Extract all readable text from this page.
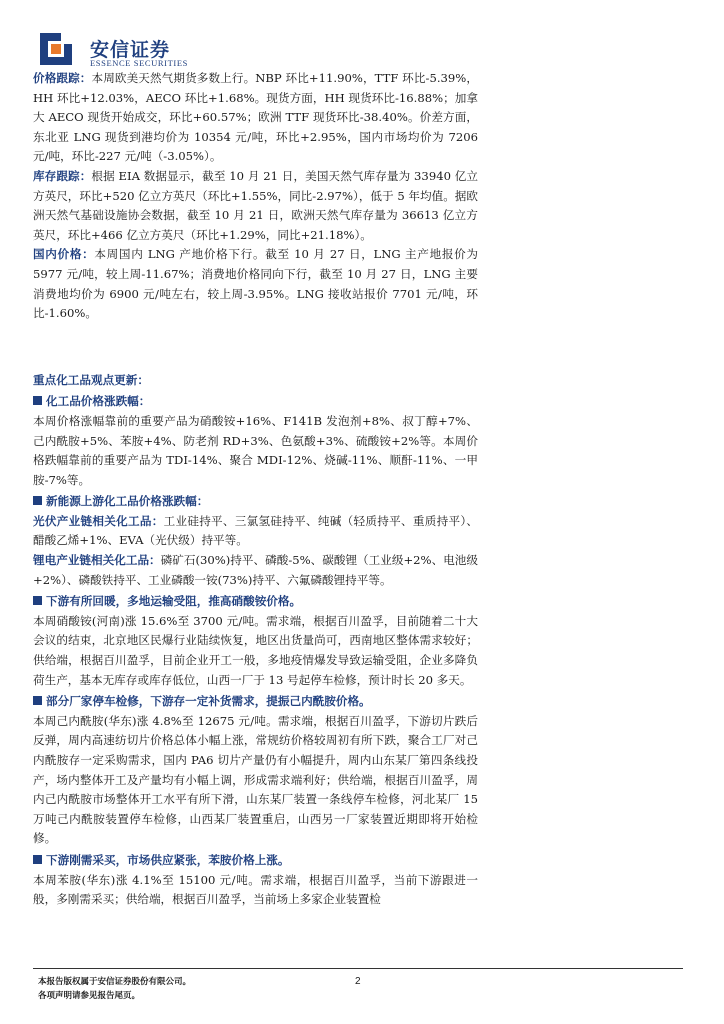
安信证券
ESSENCE SECURITIES

价格跟踪：本周欧美天然气期货多数上行。NBP 环比+11.90%，TTF 环比-5.39%，HH 环比+12.03%，AECO 环比+1.68%。现货方面，HH 现货环比-16.88%；加拿大 AECO 现货开始成交，环比+60.57%；欧洲 TTF 现货环比-38.40%。价差方面，东北亚 LNG 现货到港均价为 10354 元/吨，环比+2.95%，国内市场均价为 7206 元/吨，环比-227 元/吨（-3.05%）。

库存跟踪：根据 EIA 数据显示，截至 10 月 21 日，美国天然气库存量为 33940 亿立方英尺，环比+520 亿立方英尺（环比+1.55%，同比-2.97%），低于 5 年均值。据欧洲天然气基础设施协会数据，截至 10 月 21 日，欧洲天然气库存量为 36613 亿立方英尺，环比+466 亿立方英尺（环比+1.29%，同比+21.18%）。

国内价格：本周国内 LNG 产地价格下行。截至 10 月 27 日，LNG 主产地报价为 5977 元/吨，较上周-11.67%；消费地价格同向下行，截至 10 月 27 日，LNG 主要消费地均价为 6900 元/吨左右，较上周-3.95%。LNG 接收站报价 7701 元/吨，环比-1.60%。

重点化工品观点更新：
化工品价格涨跌幅：

本周价格涨幅靠前的重要产品为硝酸铵+16%、F141B 发泡剂+8%、叔丁醇+7%、己内酰胺+5%、苯胺+4%、防老剂 RD+3%、色氨酸+3%、硫酸铵+2%等。本周价格跌幅靠前的重要产品为 TDI-14%、聚合 MDI-12%、烧碱-11%、顺酐-11%、一甲胺-7%等。

新能源上游化工品价格涨跌幅：

光伏产业链相关化工品：工业硅持平、三氯氢硅持平、纯碱（轻质持平、重质持平）、醋酸乙烯+1%、EVA（光伏级）持平等。

锂电产业链相关化工品：磷矿石(30%)持平、磷酸-5%、碳酸锂（工业级+2%、电池级+2%）、磷酸铁持平、工业磷酸一铵(73%)持平、六氟磷酸锂持平等。

下游有所回暖，多地运输受阻，推高硝酸铵价格。

本周硝酸铵(河南)涨 15.6%至 3700 元/吨。需求端，根据百川盈孚，目前随着二十大会议的结束，北京地区民爆行业陆续恢复，地区出货量尚可，西南地区整体需求较好；供给端，根据百川盈孚，目前企业开工一般，多地疫情爆发导致运输受阻，企业多降负荷生产，基本无库存或库存低位，山西一厂于 13 号起停车检修，预计时长 20 多天。

部分厂家停车检修，下游存一定补货需求，提振己内酰胺价格。

本周己内酰胺(华东)涨 4.8%至 12675 元/吨。需求端，根据百川盈孚，下游切片跌后反弹，周内高速纺切片价格总体小幅上涨，常规纺价格较周初有所下跌，聚合工厂对己内酰胺存一定采购需求，国内 PA6 切片产量仍有小幅提升，周内山东某厂第四条线投产，场内整体开工及产量均有小幅上调，形成需求端利好；供给端，根据百川盈孚，周内己内酰胺市场整体开工水平有所下滑，山东某厂装置一条线停车检修，河北某厂 15 万吨己内酰胺装置停车检修，山西某厂装置重启，山西另一厂家装置近期即将开始检修。

下游刚需采买，市场供应紧张，苯胺价格上涨。

本周苯胺(华东)涨 4.1%至 15100 元/吨。需求端，根据百川盈孚，当前下游跟进一般，多刚需采买；供给端，根据百川盈孚，当前场上多家企业装置检

本报告版权属于安信证券股份有限公司。
各项声明请参见报告尾页。
2
